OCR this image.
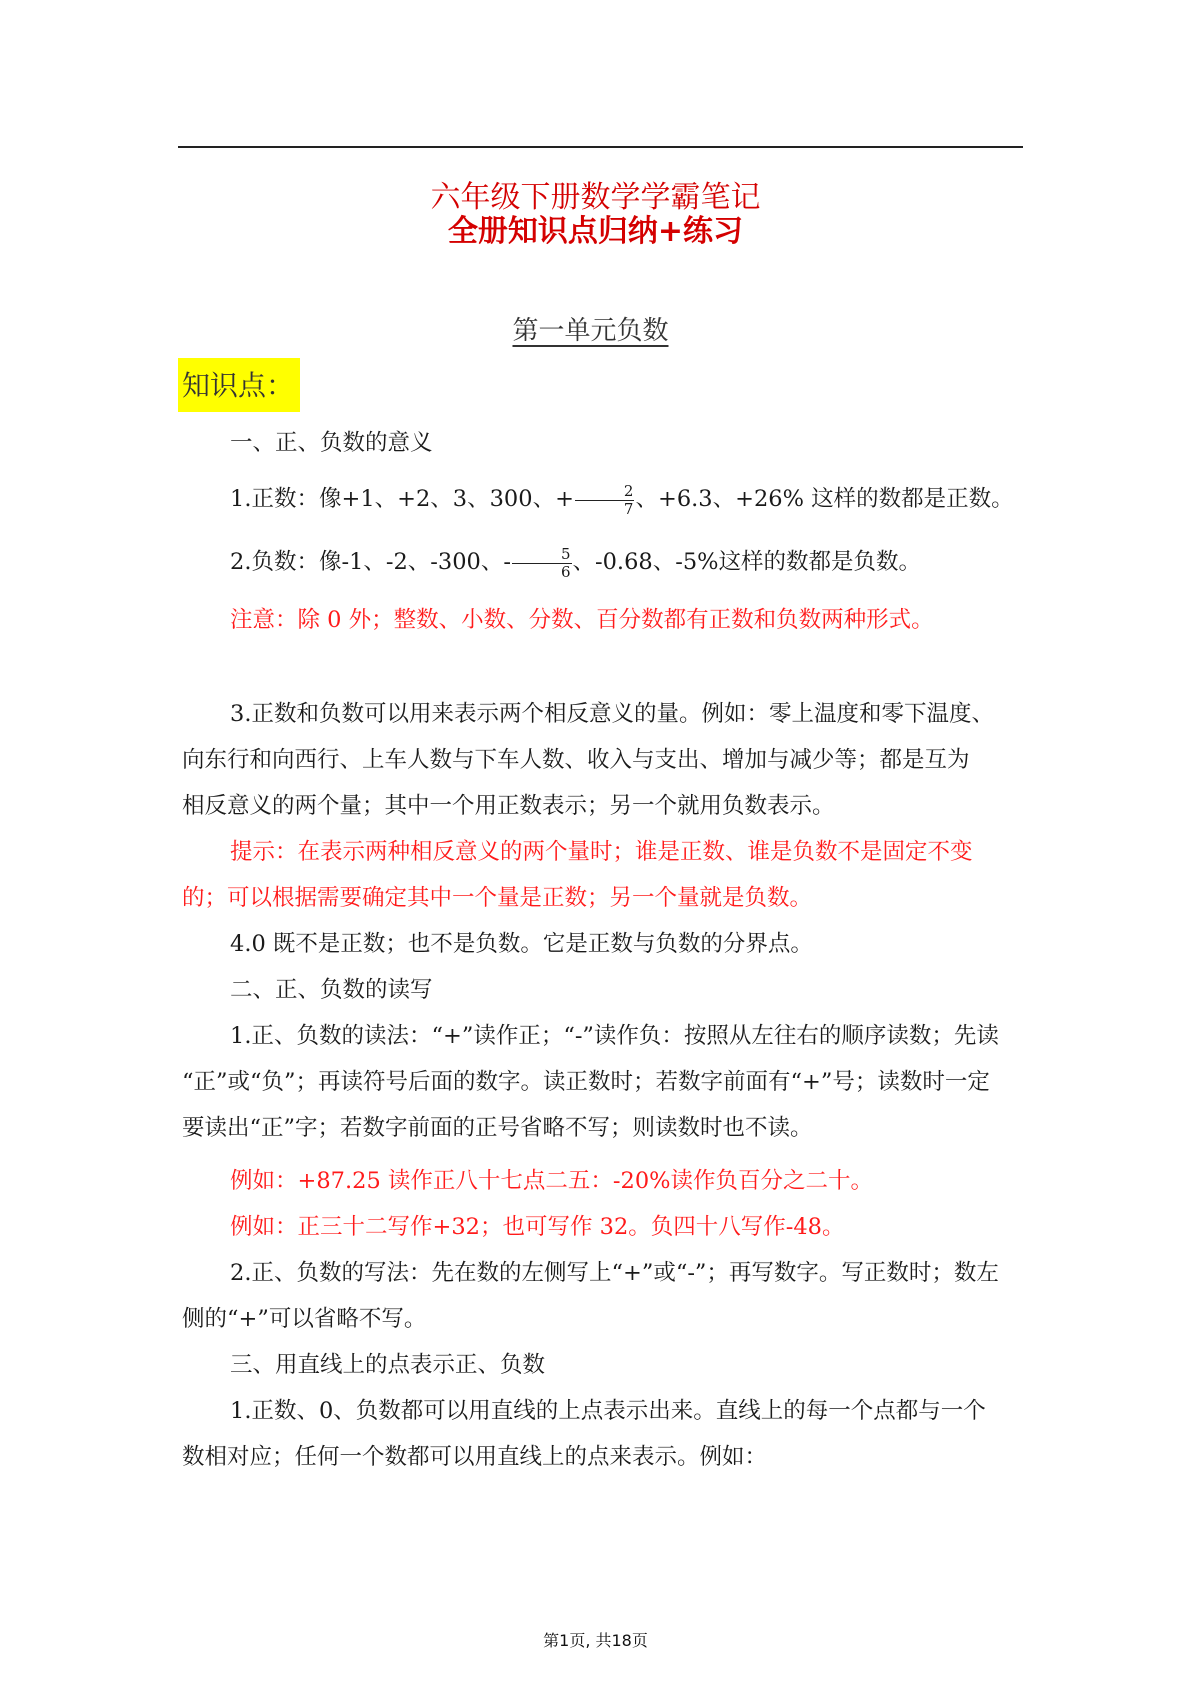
六年级下册数学学霸笔记
全册知识点归纳+练习
第一单元负数
知识点：
一、正、负数的意义
1.正数：像+1、+2、3、300、+ $\frac{2}{7}$ 、+6.3、+26% 这样的数都是正数。
2.负数：像-1、-2、-300、- $\frac{5}{6}$ 、-0.68、-5%这样的数都是负数。
注意：除 0 外；整数、小数、分数、百分数都有正数和负数两种形式。
3.正数和负数可以用来表示两个相反意义的量。例如：零上温度和零下温度、
向东行和向西行、上车人数与下车人数、收入与支出、增加与减少等；都是互为
相反意义的两个量；其中一个用正数表示；另一个就用负数表示。
提示：在表示两种相反意义的两个量时；谁是正数、谁是负数不是固定不变
的；可以根据需要确定其中一个量是正数；另一个量就是负数。
4.0 既不是正数；也不是负数。它是正数与负数的分界点。
二、正、负数的读写
1.正、负数的读法：“+”读作正；“-”读作负：按照从左往右的顺序读数；先读
“正”或“负”；再读符号后面的数字。读正数时；若数字前面有“+”号；读数时一定
要读出“正”字；若数字前面的正号省略不写；则读数时也不读。
例如：+87.25 读作正八十七点二五：-20%读作负百分之二十。
例如：正三十二写作+32；也可写作 32。负四十八写作-48。
2.正、负数的写法：先在数的左侧写上“+”或“-”；再写数字。写正数时；数左
侧的“+”可以省略不写。
三、用直线上的点表示正、负数
1.正数、0、负数都可以用直线的上点表示出来。直线上的每一个点都与一个
数相对应；任何一个数都可以用直线上的点来表示。例如：
第1页, 共18页
